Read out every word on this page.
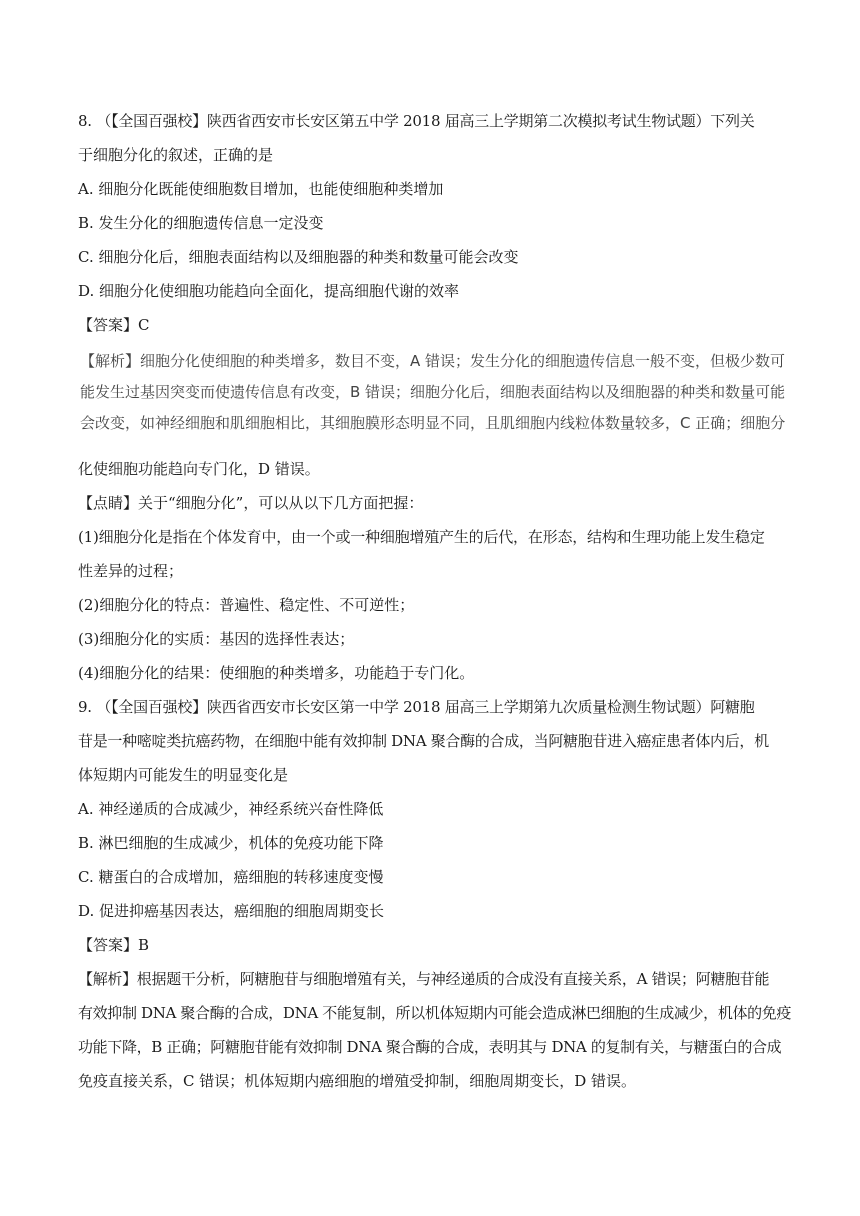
8. （【全国百强校】陕西省西安市长安区第五中学 2018 届高三上学期第二次模拟考试生物试题）下列关
于细胞分化的叙述，正确的是
A. 细胞分化既能使细胞数目增加，也能使细胞种类增加
B. 发生分化的细胞遗传信息一定没变
C. 细胞分化后，细胞表面结构以及细胞器的种类和数量可能会改变
D. 细胞分化使细胞功能趋向全面化，提高细胞代谢的效率
【答案】C
【解析】细胞分化使细胞的种类增多，数目不变，A 错误；发生分化的细胞遗传信息一般不变，但极少数可
能发生过基因突变而使遗传信息有改变，B 错误；细胞分化后，细胞表面结构以及细胞器的种类和数量可能
会改变，如神经细胞和肌细胞相比，其细胞膜形态明显不同，且肌细胞内线粒体数量较多，C 正确；细胞分
化使细胞功能趋向专门化，D 错误。
【点睛】关于“细胞分化”，可以从以下几方面把握：
(1)细胞分化是指在个体发育中，由一个或一种细胞增殖产生的后代，在形态，结构和生理功能上发生稳定
性差异的过程；
(2)细胞分化的特点：普遍性、稳定性、不可逆性；
(3)细胞分化的实质：基因的选择性表达；
(4)细胞分化的结果：使细胞的种类增多，功能趋于专门化。
9. （【全国百强校】陕西省西安市长安区第一中学 2018 届高三上学期第九次质量检测生物试题）阿糖胞
苷是一种嘧啶类抗癌药物，在细胞中能有效抑制 DNA 聚合酶的合成，当阿糖胞苷进入癌症患者体内后，机
体短期内可能发生的明显变化是
A. 神经递质的合成减少，神经系统兴奋性降低
B. 淋巴细胞的生成减少，机体的免疫功能下降
C. 糖蛋白的合成增加，癌细胞的转移速度变慢
D. 促进抑癌基因表达，癌细胞的细胞周期变长
【答案】B
【解析】根据题干分析，阿糖胞苷与细胞增殖有关，与神经递质的合成没有直接关系，A 错误；阿糖胞苷能
有效抑制 DNA 聚合酶的合成，DNA 不能复制，所以机体短期内可能会造成淋巴细胞的生成减少，机体的免疫
功能下降，B 正确；阿糖胞苷能有效抑制 DNA 聚合酶的合成，表明其与 DNA 的复制有关，与糖蛋白的合成
免疫直接关系，C 错误；机体短期内癌细胞的增殖受抑制，细胞周期变长，D 错误。
